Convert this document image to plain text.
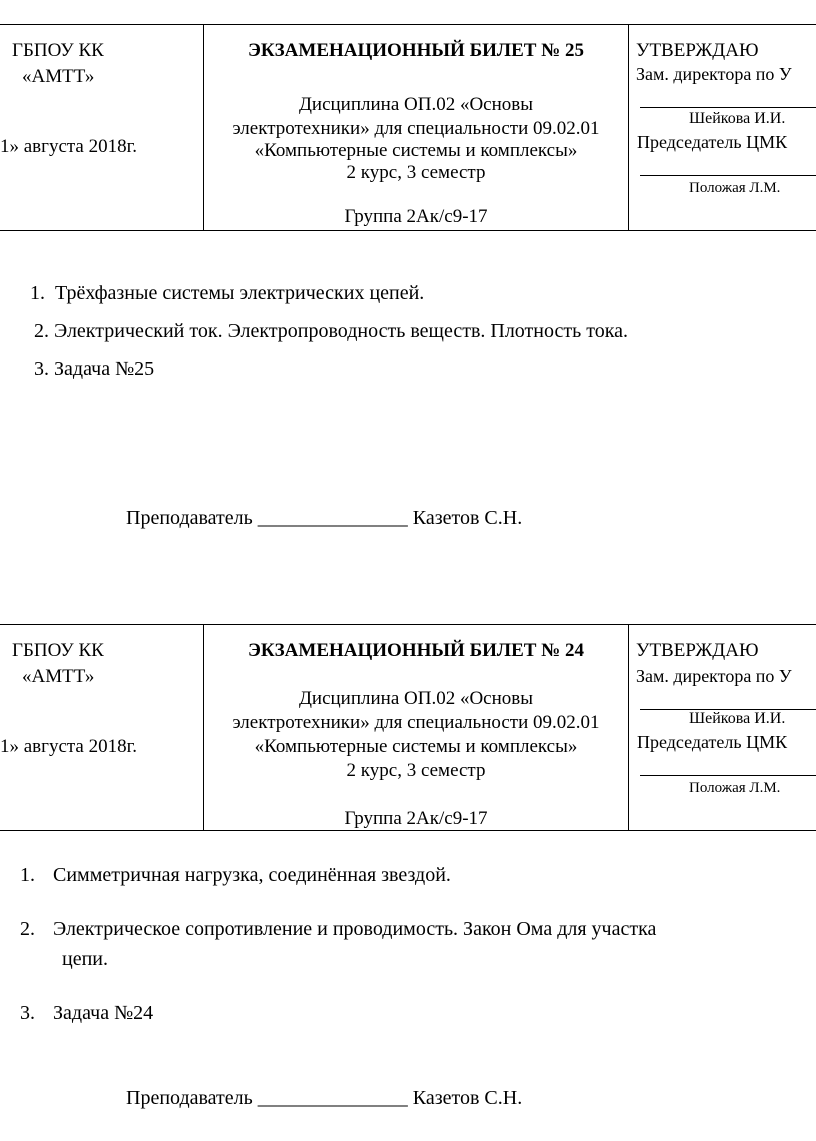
ГБПОУ КК
«АМТТ»
1» августа 2018г.
ЭКЗАМЕНАЦИОННЫЙ БИЛЕТ № 25
Дисциплина ОП.02 «Основы
электротехники» для специальности 09.02.01
«Компьютерные системы и комплексы»
2 курс, 3 семестр
Группа 2Ак/с9-17
УТВЕРЖДАЮ
Зам. директора по У
Шейкова И.И.
Председатель ЦМК
Положая Л.М.
1. Трёхфазные системы электрических цепей.
2. Электрический ток. Электропроводность веществ. Плотность тока.
3. Задача №25
Преподаватель _______________ Казетов С.Н.
ГБПОУ КК
«АМТТ»
1» августа 2018г.
ЭКЗАМЕНАЦИОННЫЙ БИЛЕТ № 24
Дисциплина ОП.02 «Основы
электротехники» для специальности 09.02.01
«Компьютерные системы и комплексы»
2 курс, 3 семестр
Группа 2Ак/с9-17
УТВЕРЖДАЮ
Зам. директора по У
Шейкова И.И.
Председатель ЦМК
Положая Л.М.
1. Симметричная нагрузка, соединённая звездой.
2. Электрическое сопротивление и проводимость. Закон Ома для участка
цепи.
3. Задача №24
Преподаватель _______________ Казетов С.Н.
